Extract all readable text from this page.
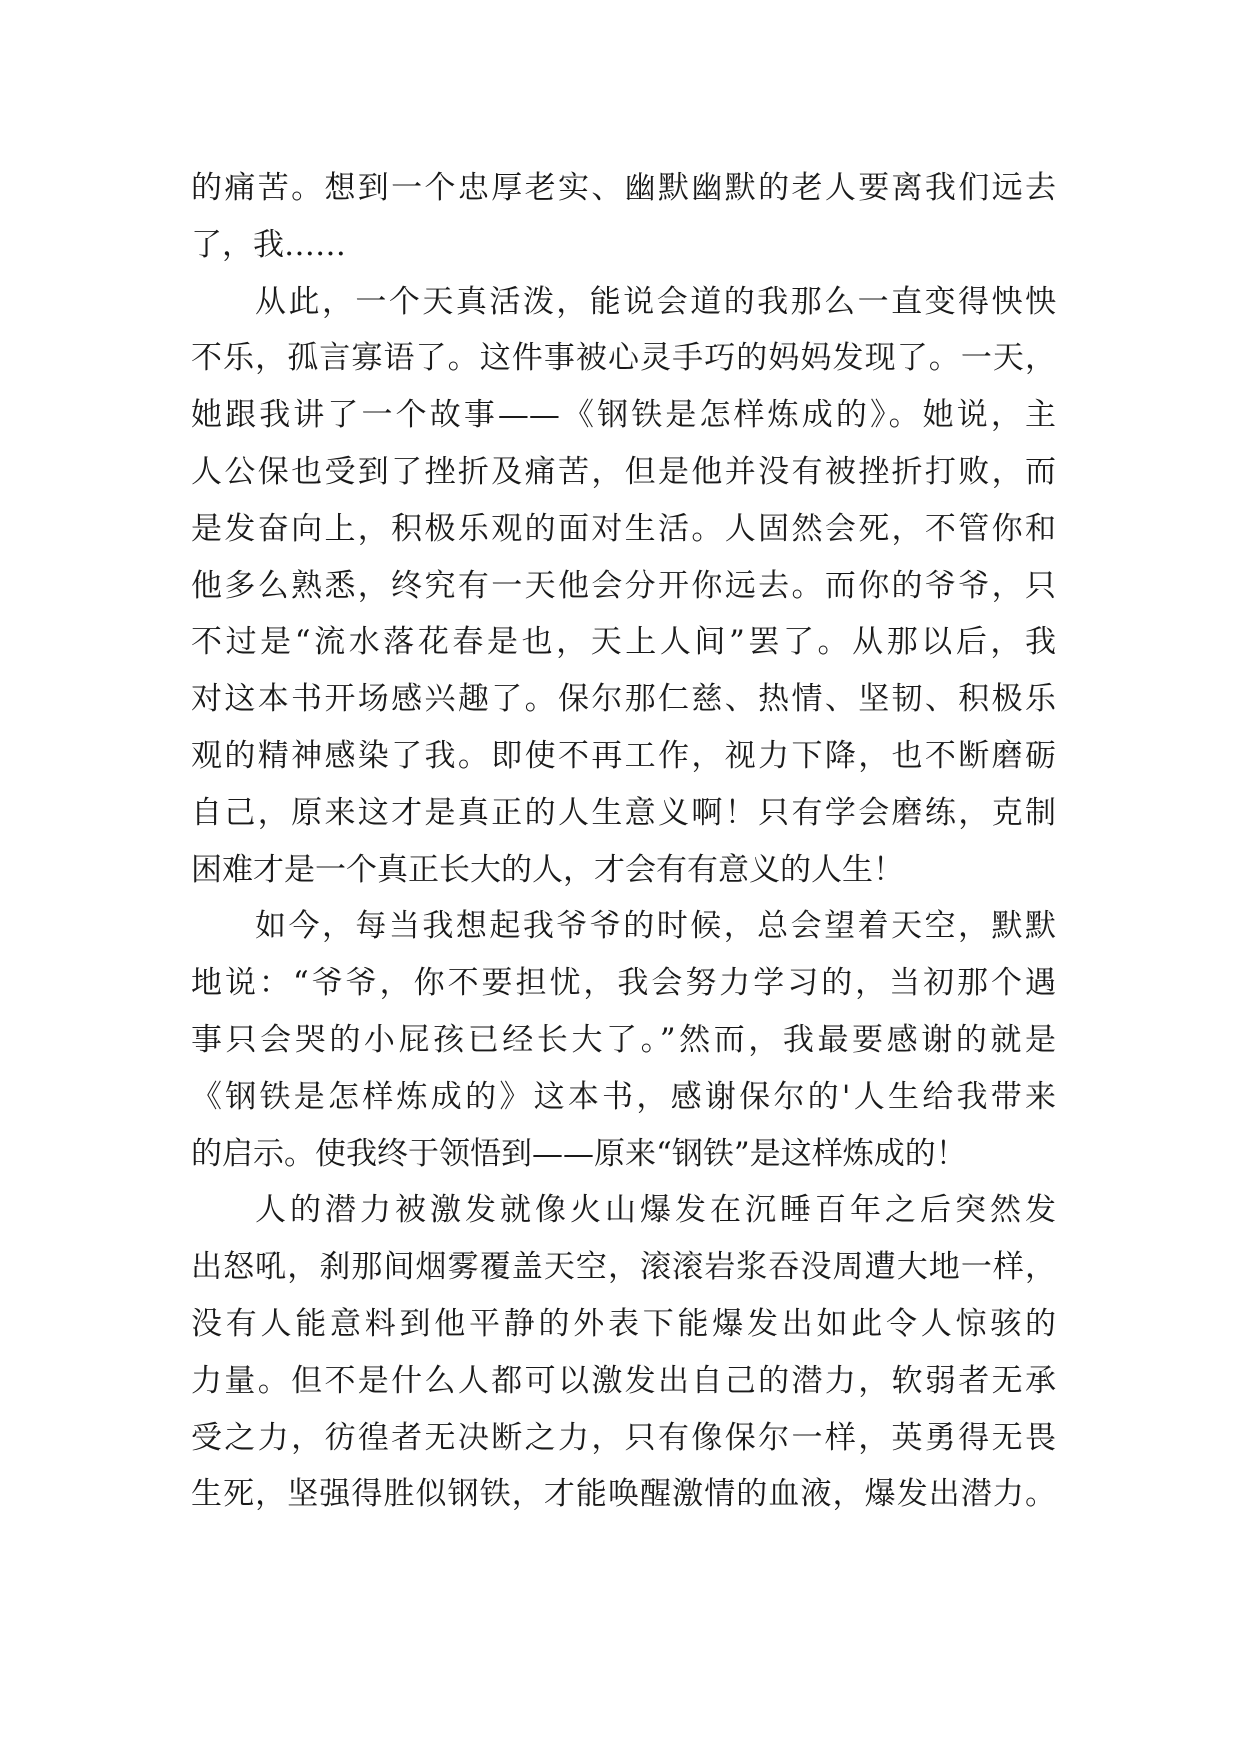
的痛苦。想到一个忠厚老实、幽默幽默的老人要离我们远去
了，我……
从此，一个天真活泼，能说会道的我那么一直变得怏怏
不乐，孤言寡语了。这件事被心灵手巧的妈妈发现了。一天，
她跟我讲了一个故事——《钢铁是怎样炼成的》。她说，主
人公保也受到了挫折及痛苦，但是他并没有被挫折打败，而
是发奋向上，积极乐观的面对生活。人固然会死，不管你和
他多么熟悉，终究有一天他会分开你远去。而你的爷爷，只
不过是“流水落花春是也，天上人间”罢了。从那以后，我
对这本书开场感兴趣了。保尔那仁慈、热情、坚韧、积极乐
观的精神感染了我。即使不再工作，视力下降，也不断磨砺
自己，原来这才是真正的人生意义啊！只有学会磨练，克制
困难才是一个真正长大的人，才会有有意义的人生！
如今，每当我想起我爷爷的时候，总会望着天空，默默
地说：“爷爷，你不要担忧，我会努力学习的，当初那个遇
事只会哭的小屁孩已经长大了。”然而，我最要感谢的就是
《钢铁是怎样炼成的》这本书，感谢保尔的'人生给我带来
的启示。使我终于领悟到——原来“钢铁”是这样炼成的！
人的潜力被激发就像火山爆发在沉睡百年之后突然发
出怒吼，刹那间烟雾覆盖天空，滚滚岩浆吞没周遭大地一样，
没有人能意料到他平静的外表下能爆发出如此令人惊骇的
力量。但不是什么人都可以激发出自己的潜力，软弱者无承
受之力，彷徨者无决断之力，只有像保尔一样，英勇得无畏
生死，坚强得胜似钢铁，才能唤醒激情的血液，爆发出潜力。
